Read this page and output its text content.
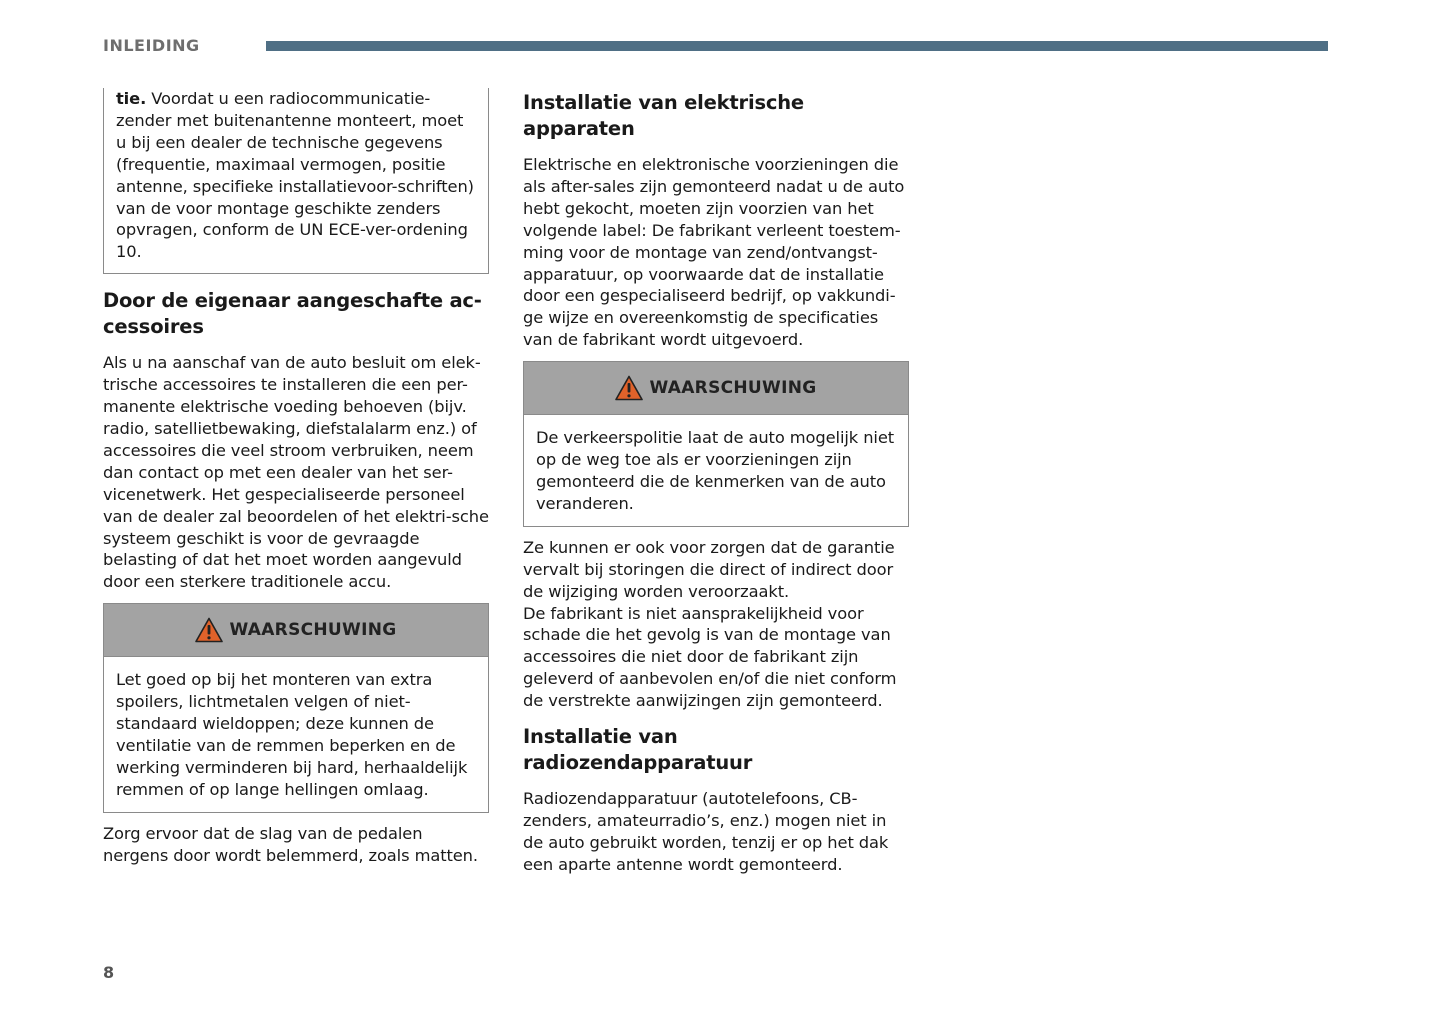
INLEIDING

tie. Voordat u een radiocommunicatie- zender met buitenantenne monteert, moet u bij een dealer de technische gegevens (frequentie, maximaal vermogen, positie antenne, specifieke installatievoor-schriften) van de voor montage geschikte zenders opvragen, conform de UN ECE-ver-ordening 10.

Door de eigenaar aangeschafte ac-cessoires

Als u na aanschaf van de auto besluit om elek-trische accessoires te installeren die een per-manente elektrische voeding behoeven (bijv. radio, satellietbewaking, diefstalalarm enz.) of accessoires die veel stroom verbruiken, neem dan contact op met een dealer van het ser-vicenetwerk. Het gespecialiseerde personeel van de dealer zal beoordelen of het elektri-sche systeem geschikt is voor de gevraagde belasting of dat het moet worden aangevuld door een sterkere traditionele accu.

WAARSCHUWING

Let goed op bij het monteren van extra spoilers, lichtmetalen velgen of niet-standaard wieldoppen; deze kunnen de ventilatie van de remmen beperken en de werking verminderen bij hard, herhaaldelijk remmen of op lange hellingen omlaag.

Zorg ervoor dat de slag van de pedalen nergens door wordt belemmerd, zoals matten.

Installatie van elektrische apparaten

Elektrische en elektronische voorzieningen die als after-sales zijn gemonteerd nadat u de auto hebt gekocht, moeten zijn voorzien van het volgende label: De fabrikant verleent toestem-ming voor de montage van zend/ontvangst-apparatuur, op voorwaarde dat de installatie door een gespecialiseerd bedrijf, op vakkundi-ge wijze en overeenkomstig de specificaties van de fabrikant wordt uitgevoerd.

WAARSCHUWING

De verkeerspolitie laat de auto mogelijk niet op de weg toe als er voorzieningen zijn gemonteerd die de kenmerken van de auto veranderen.

Ze kunnen er ook voor zorgen dat de garantie vervalt bij storingen die direct of indirect door de wijziging worden veroorzaakt.

De fabrikant is niet aansprakelijkheid voor schade die het gevolg is van de montage van accessoires die niet door de fabrikant zijn geleverd of aanbevolen en/of die niet conform de verstrekte aanwijzingen zijn gemonteerd.

Installatie van radiozendapparatuur

Radiozendapparatuur (autotelefoons, CB-zenders, amateurradio’s, enz.) mogen niet in de auto gebruikt worden, tenzij er op het dak een aparte antenne wordt gemonteerd.

8
